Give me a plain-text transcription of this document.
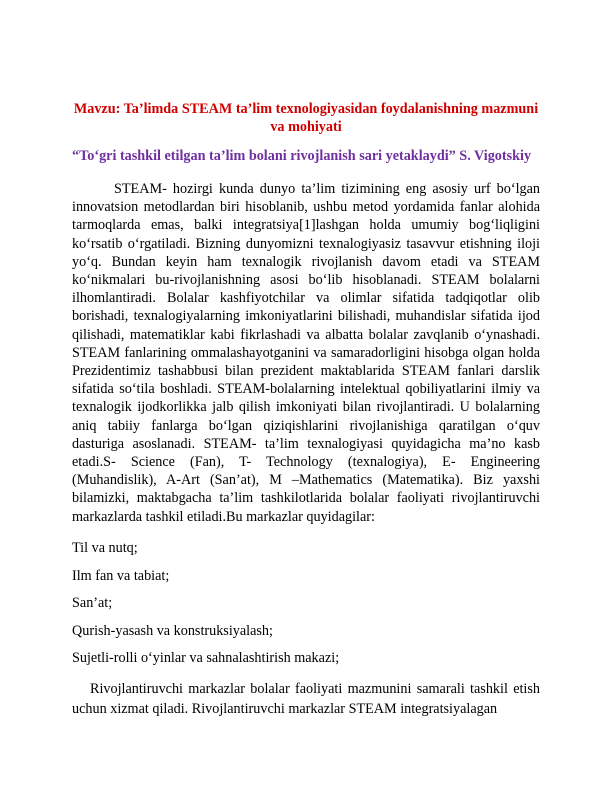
Mavzu: Ta’limda STEAM ta’lim texnologiyasidan foydalanishning mazmuni va mohiyati
“To‘gri tashkil etilgan ta’lim bolani rivojlanish sari yetaklaydi” S. Vigotskiy

STEAM- hozirgi kunda dunyo ta’lim tizimining eng asosiy urf bo‘lgan innovatsion metodlardan biri hisoblanib, ushbu metod yordamida fanlar alohida tarmoqlarda emas, balki integratsiya[1]lashgan holda umumiy bog‘liqligini ko‘rsatib o‘rgatiladi. Bizning dunyomizni texnalogiyasiz tasavvur etishning iloji yo‘q. Bundan keyin ham texnalogik rivojlanish davom etadi va STEAM ko‘nikmalari bu-rivojlanishning asosi bo‘lib hisoblanadi. STEAM bolalarni ilhomlantiradi. Bolalar kashfiyotchilar va olimlar sifatida tadqiqotlar olib borishadi, texnalogiyalarning imkoniyatlarini bilishadi, muhandislar sifatida ijod qilishadi, matematiklar kabi fikrlashadi va albatta bolalar zavqlanib o‘ynashadi. STEAM fanlarining ommalashayotganini va samaradorligini hisobga olgan holda Prezidentimiz tashabbusi bilan prezident maktablarida STEAM fanlari darslik sifatida so‘tila boshladi. STEAM-bolalarning intelektual qobiliyatlarini ilmiy va texnalogik ijodkorlikka jalb qilish imkoniyati bilan rivojlantiradi. U bolalarning aniq tabiiy fanlarga bo‘lgan qiziqishlarini rivojlanishiga qaratilgan o‘quv dasturiga asoslanadi. STEAM- ta’lim texnalogiyasi quyidagicha ma’no kasb etadi.S- Science (Fan), T- Technology (texnalogiya), E- Engineering (Muhandislik), A-Art (San’at), M –Mathematics (Matematika). Biz yaxshi bilamizki, maktabgacha ta’lim tashkilotlarida bolalar faoliyati rivojlantiruvchi markazlarda tashkil etiladi.Bu markazlar quyidagilar:

Til va nutq;
Ilm fan va tabiat;
San’at;
Qurish-yasash va konstruksiyalash;
Sujetli-rolli o‘yinlar va sahnalashtirish makazi;

Rivojlantiruvchi markazlar bolalar faoliyati mazmunini samarali tashkil etish uchun xizmat qiladi. Rivojlantiruvchi markazlar STEAM integratsiyalagan
